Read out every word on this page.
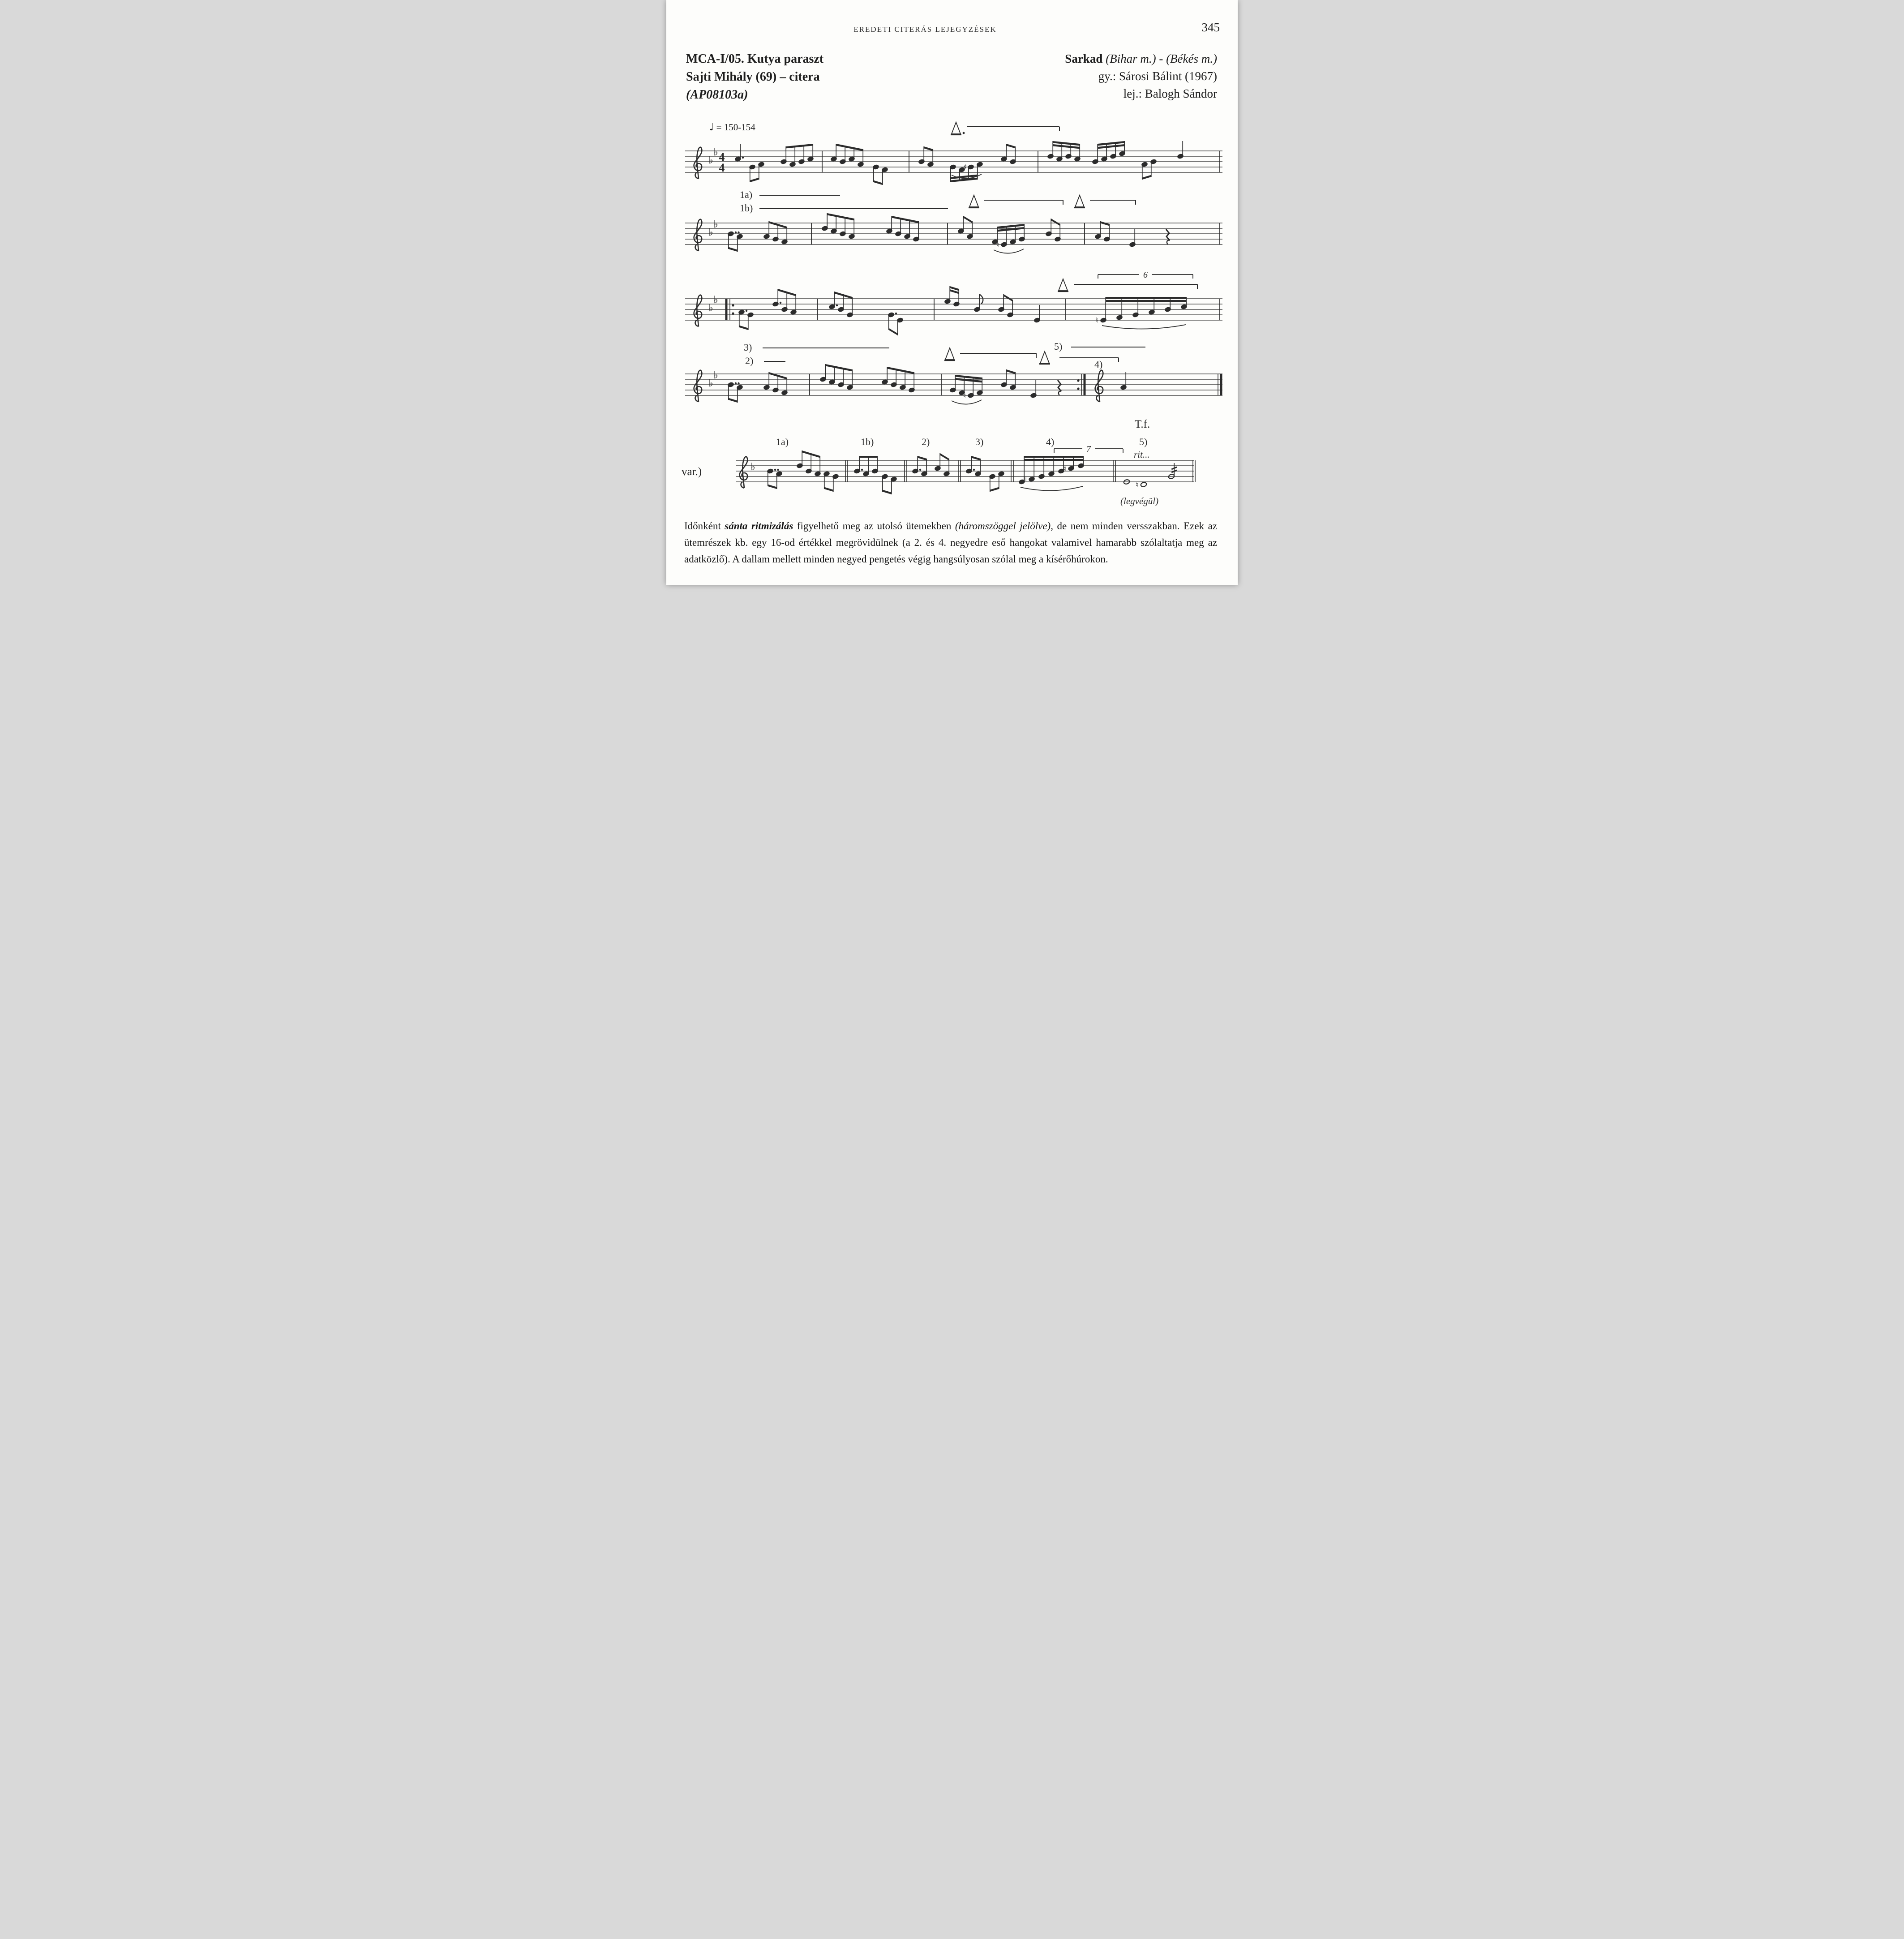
EREDETI CITERÁS LEJEGYZÉSEK	345
MCA-I/05. Kutya paraszt
Sajti Mihály (69) – citera
(AP08103a)
Sarkad (Bihar m.) - (Békés m.)
gy.: Sárosi Bálint (1967)
lej.: Balogh Sándor
♩ = 150-154
♭
♭ 4
4	♯
1a)
1b)
♭
♭
♮
6
♭
♭
♮
3)
2)
5)
4)
T.f.
♭
♭
♮
1a)	1b)	2)	3)	4)
7
5)
rit...
(legvégül)
♭
♮
♮
♮
var.)
Időnként sánta ritmizálás figyelhető meg az utolsó ütemekben (háromszöggel jelölve), de nem minden versszakban. Ezek az ütemrészek kb. egy 16-od értékkel megrövidülnek (a 2. és 4. negyedre eső hangokat valamivel hamarabb szólaltatja meg az adatközlő). A dallam mellett minden negyed pengetés végig hangsúlyosan szólal meg a kísérőhúrokon.
